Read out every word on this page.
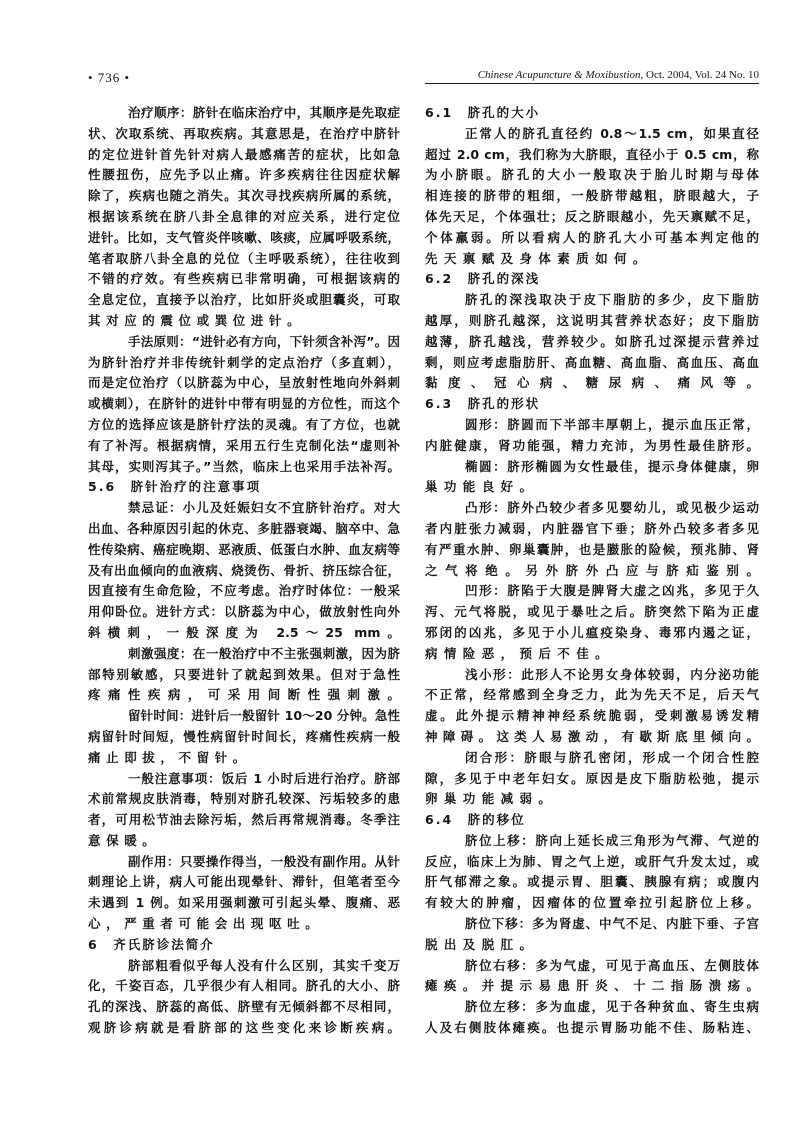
• 736 •	Chinese Acupuncture & Moxibustion, Oct. 2004, Vol. 24 No. 10
治疗顺序：脐针在临床治疗中，其顺序是先取症
状、次取系统、再取疾病。其意思是，在治疗中脐针
的定位进针首先针对病人最感痛苦的症状，比如急
性腰扭伤，应先予以止痛。许多疾病往往因症状解
除了，疾病也随之消失。其次寻找疾病所属的系统，
根据该系统在脐八卦全息律的对应关系，进行定位
进针。比如，支气管炎伴咳嗽、咳痰，应属呼吸系统，
笔者取脐八卦全息的兑位（主呼吸系统），往往收到
不错的疗效。有些疾病已非常明确，可根据该病的
全息定位，直接予以治疗，比如肝炎或胆囊炎，可取
其对应的震位或巽位进针。
手法原则：“进针必有方向，下针须含补泻”。因
为脐针治疗并非传统针刺学的定点治疗（多直刺），
而是定位治疗（以脐蕊为中心，呈放射性地向外斜刺
或横刺），在脐针的进针中带有明显的方位性，而这个
方位的选择应该是脐针疗法的灵魂。有了方位，也就
有了补泻。根据病情，采用五行生克制化法“虚则补
其母，实则泻其子。”当然，临床上也采用手法补泻。
5.6　脐针治疗的注意事项
禁忌证：小儿及妊娠妇女不宜脐针治疗。对大
出血、各种原因引起的休克、多脏器衰竭、脑卒中、急
性传染病、癌症晚期、恶液质、低蛋白水肿、血友病等
及有出血倾向的血液病、烧烫伤、骨折、挤压综合征，
因直接有生命危险，不应考虑。治疗时体位：一般采
用仰卧位。进针方式：以脐蕊为中心，做放射性向外
斜横刺，一般深度为 2.5～25 mm。
刺激强度：在一般治疗中不主张强刺激，因为脐
部特别敏感，只要进针了就起到效果。但对于急性
疼痛性疾病，可采用间断性强刺激。
留针时间：进针后一般留针 10～20 分钟。急性
病留针时间短，慢性病留针时间长，疼痛性疾病一般
痛止即拔，不留针。
一般注意事项：饭后 1 小时后进行治疗。脐部
术前常规皮肤消毒，特别对脐孔较深、污垢较多的患
者，可用松节油去除污垢，然后再常规消毒。冬季注
意保暖。
副作用：只要操作得当，一般没有副作用。从针
刺理论上讲，病人可能出现晕针、滞针，但笔者至今
未遇到 1 例。如采用强刺激可引起头晕、腹痛、恶
心，严重者可能会出现呕吐。
6　齐氏脐诊法简介
脐部粗看似乎每人没有什么区别，其实千变万
化，千姿百态，几乎很少有人相同。脐孔的大小、脐
孔的深浅、脐蕊的高低、脐壁有无倾斜都不尽相同，
观脐诊病就是看脐部的这些变化来诊断疾病。
6.1　脐孔的大小
正常人的脐孔直径约 0.8～1.5 cm，如果直径
超过 2.0 cm，我们称为大脐眼，直径小于 0.5 cm，称
为小脐眼。脐孔的大小一般取决于胎儿时期与母体
相连接的脐带的粗细，一般脐带越粗，脐眼越大，子
体先天足，个体强壮；反之脐眼越小，先天禀赋不足，
个体羸弱。所以看病人的脐孔大小可基本判定他的
先天禀赋及身体素质如何。
6.2　脐孔的深浅
脐孔的深浅取决于皮下脂肪的多少，皮下脂肪
越厚，则脐孔越深，这说明其营养状态好；皮下脂肪
越薄，脐孔越浅，营养较少。如脐孔过深提示营养过
剩，则应考虑脂肪肝、高血糖、高血脂、高血压、高血
黏度、冠心病、糖尿病、痛风等。
6.3　脐孔的形状
圆形：脐圆而下半部丰厚朝上，提示血压正常，
内脏健康，肾功能强，精力充沛，为男性最佳脐形。
椭圆：脐形椭圆为女性最佳，提示身体健康，卵
巢功能良好。
凸形：脐外凸较少者多见婴幼儿，或见极少运动
者内脏张力减弱，内脏器官下垂；脐外凸较多者多见
有严重水肿、卵巢囊肿，也是臌胀的险候，预兆肺、肾
之气将绝。另外脐外凸应与脐疝鉴别。
凹形：脐陷于大腹是脾肾大虚之凶兆，多见于久
泻、元气将脱，或见于暴吐之后。脐突然下陷为正虚
邪闭的凶兆，多见于小儿瘟疫染身、毒邪内遏之证，
病情险恶，预后不佳。
浅小形：此形人不论男女身体较弱，内分泌功能
不正常，经常感到全身乏力，此为先天不足，后天气
虚。此外提示精神神经系统脆弱，受刺激易诱发精
神障碍。这类人易激动，有歇斯底里倾向。
闭合形：脐眼与脐孔密闭，形成一个闭合性腔
隙，多见于中老年妇女。原因是皮下脂肪松弛，提示
卵巢功能减弱。
6.4　脐的移位
脐位上移：脐向上延长成三角形为气滞、气逆的
反应，临床上为肺、胃之气上逆，或肝气升发太过，或
肝气郁滞之象。或提示胃、胆囊、胰腺有病；或腹内
有较大的肿瘤，因瘤体的位置牵拉引起脐位上移。
脐位下移：多为肾虚、中气不足、内脏下垂、子宫
脱出及脱肛。
脐位右移：多为气虚，可见于高血压、左侧肢体
瘫痪。并提示易患肝炎、十二指肠溃疡。
脐位左移：多为血虚，见于各种贫血、寄生虫病
人及右侧肢体瘫痪。也提示胃肠功能不佳、肠粘连、
